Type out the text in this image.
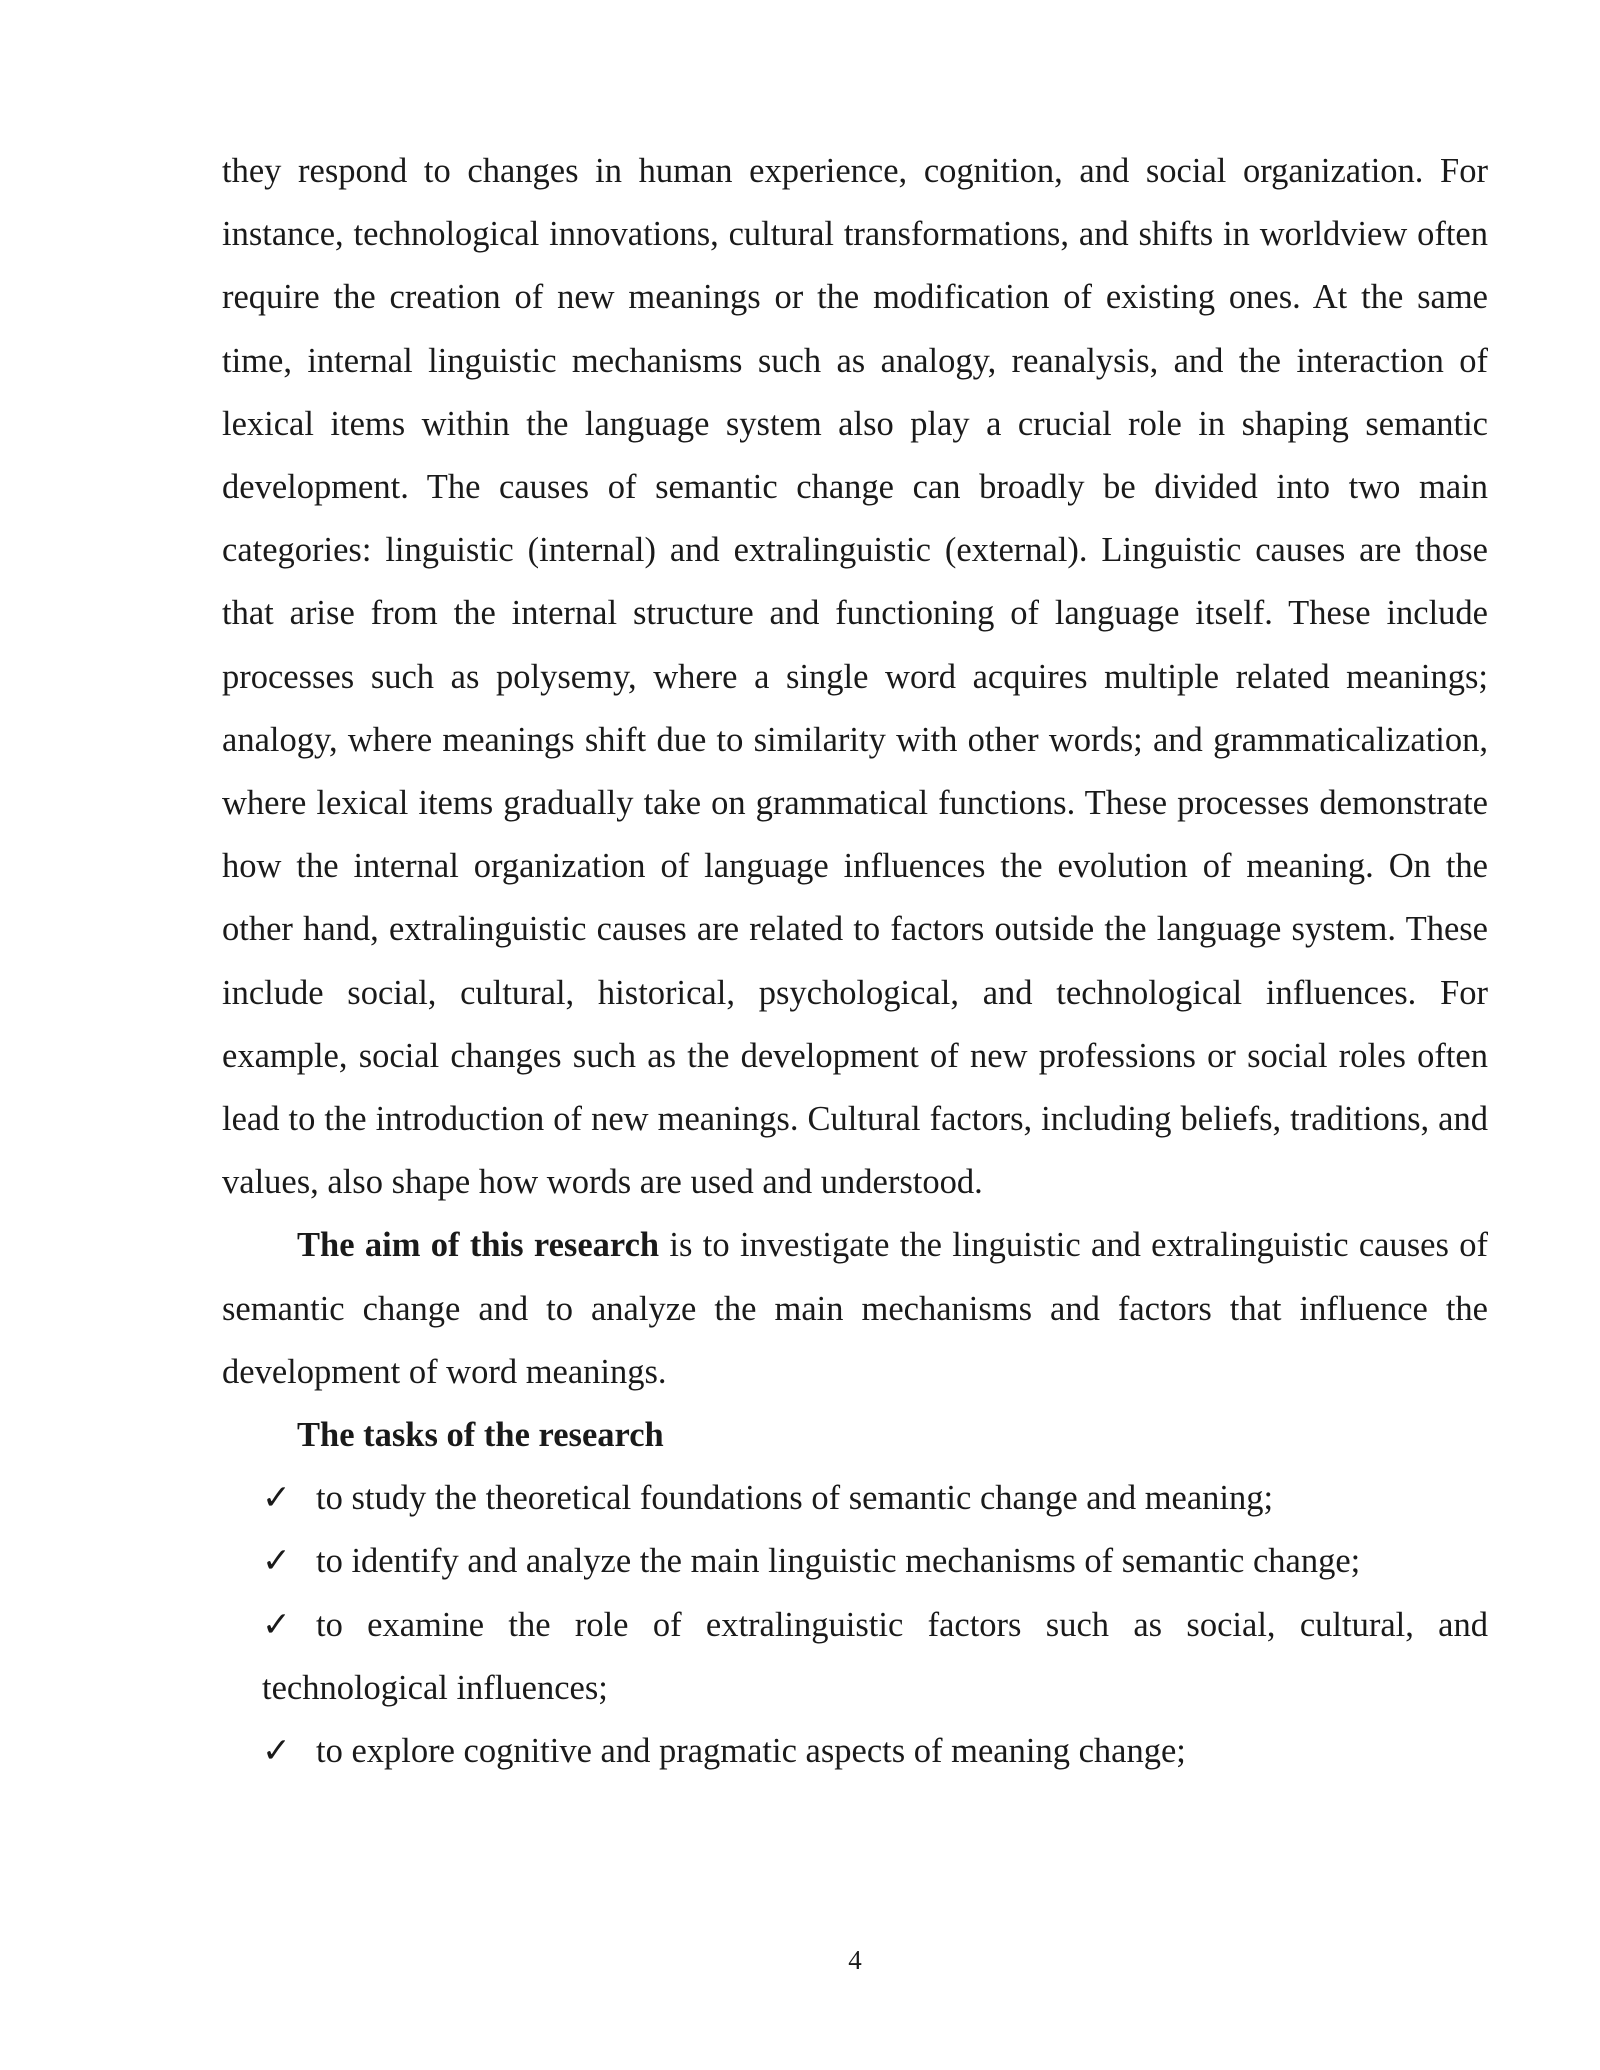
they respond to changes in human experience, cognition, and social organization. For instance, technological innovations, cultural transformations, and shifts in worldview often require the creation of new meanings or the modification of existing ones. At the same time, internal linguistic mechanisms such as analogy, reanalysis, and the interaction of lexical items within the language system also play a crucial role in shaping semantic development. The causes of semantic change can broadly be divided into two main categories: linguistic (internal) and extralinguistic (external). Linguistic causes are those that arise from the internal structure and functioning of language itself. These include processes such as polysemy, where a single word acquires multiple related meanings; analogy, where meanings shift due to similarity with other words; and grammaticalization, where lexical items gradually take on grammatical functions. These processes demonstrate how the internal organization of language influences the evolution of meaning. On the other hand, extralinguistic causes are related to factors outside the language system. These include social, cultural, historical, psychological, and technological influences. For example, social changes such as the development of new professions or social roles often lead to the introduction of new meanings. Cultural factors, including beliefs, traditions, and values, also shape how words are used and understood.

The aim of this research is to investigate the linguistic and extralinguistic causes of semantic change and to analyze the main mechanisms and factors that influence the development of word meanings.

The tasks of the research

✓ to study the theoretical foundations of semantic change and meaning;

✓ to identify and analyze the main linguistic mechanisms of semantic change;

✓ to examine the role of extralinguistic factors such as social, cultural, and technological influences;

✓ to explore cognitive and pragmatic aspects of meaning change;

4
